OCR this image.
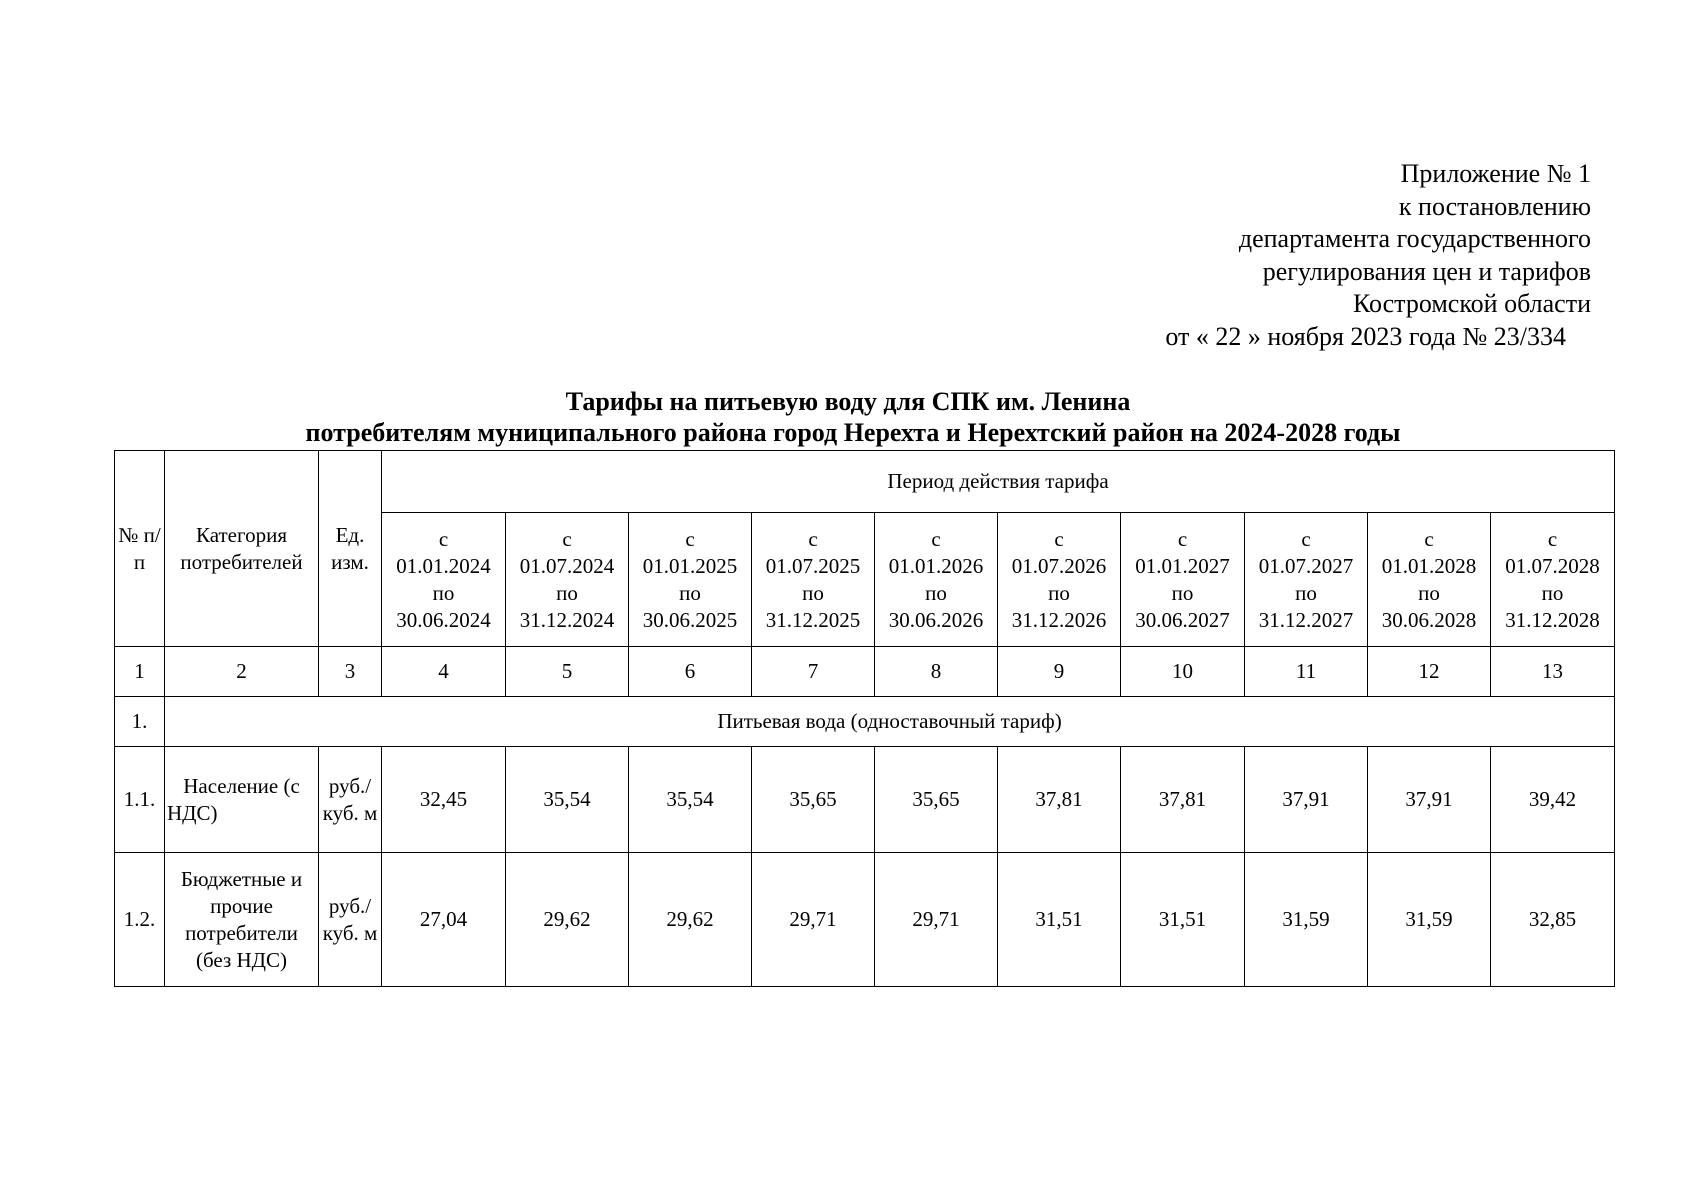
Приложение № 1
к постановлению
департамента государственного
регулирования цен и тарифов
Костромской области
от « 22 » ноября 2023 года № 23/334
Тарифы на питьевую воду для СПК им. Ленина
потребителям муниципального района город Нерехта и Нерехтский район на 2024-2028 годы
№ п/п	Категория потребителей	Ед. изм.	Период действия тарифа									

			с
01.01.2024
по
30.06.2024	с
01.07.2024
по
31.12.2024	с
01.01.2025
по
30.06.2025	с
01.07.2025
по
31.12.2025	с
01.01.2026
по
30.06.2026	с
01.07.2026
по
31.12.2026	с
01.01.2027
по
30.06.2027	с
01.07.2027
по
31.12.2027	с
01.01.2028
по
30.06.2028	с
01.07.2028
по
31.12.2028

1	2	3	4	5	6	7	8	9	10	11	12	13
1.	Питьевая вода (одноставочный тариф)											
1.1.	Население (с НДС)	руб./ куб. м	32,45	35,54	35,54	35,65	35,65	37,81	37,81	37,91	37,91	39,42
1.2.	Бюджетные и прочие потребители (без НДС)	руб./ куб. м	27,04	29,62	29,62	29,71	29,71	31,51	31,51	31,59	31,59	32,85
